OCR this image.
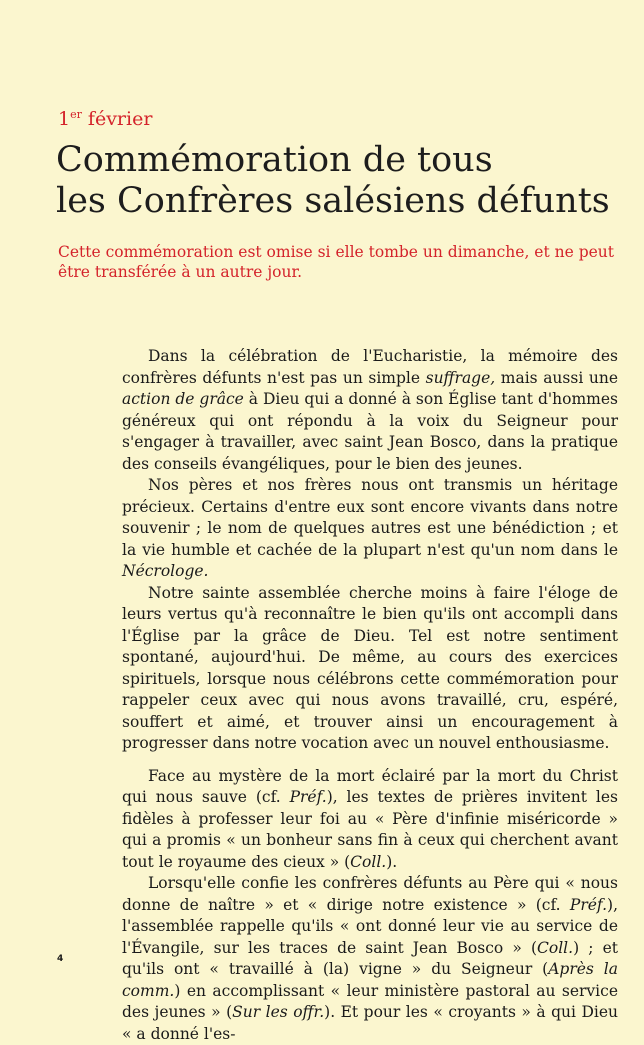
1er février
Commémoration de tous
les Confrères salésiens défunts
Cette commémoration est omise si elle tombe un dimanche, et ne peut être transférée à un autre jour.

Dans la célébration de l'Eucharistie, la mémoire des confrères défunts n'est pas un simple suffrage, mais aussi une action de grâce à Dieu qui a donné à son Église tant d'hommes généreux qui ont répondu à la voix du Seigneur pour s'engager à travailler, avec saint Jean Bosco, dans la pratique des conseils évangéliques, pour le bien des jeunes.

Nos pères et nos frères nous ont transmis un héritage précieux. Certains d'entre eux sont encore vivants dans notre souvenir ; le nom de quelques autres est une bénédiction ; et la vie humble et cachée de la plupart n'est qu'un nom dans le Nécrologe.

Notre sainte assemblée cherche moins à faire l'éloge de leurs vertus qu'à reconnaître le bien qu'ils ont accompli dans l'Église par la grâce de Dieu. Tel est notre sentiment spontané, aujourd'hui. De même, au cours des exercices spirituels, lorsque nous célébrons cette commémoration pour rappeler ceux avec qui nous avons travaillé, cru, espéré, souffert et aimé, et trouver ainsi un encouragement à progresser dans notre vocation avec un nouvel enthousiasme.

Face au mystère de la mort éclairé par la mort du Christ qui nous sauve (cf. Préf.), les textes de prières invitent les fidèles à professer leur foi au « Père d'infinie miséricorde » qui a promis « un bonheur sans fin à ceux qui cherchent avant tout le royaume des cieux » (Coll.).

Lorsqu'elle confie les confrères défunts au Père qui « nous donne de naître » et « dirige notre existence » (cf. Préf.), l'assemblée rappelle qu'ils « ont donné leur vie au service de l'Évangile, sur les traces de saint Jean Bosco » (Coll.) ; et qu'ils ont « travaillé à (la) vigne » du Seigneur (Après la comm.) en accomplissant « leur ministère pastoral au service des jeunes » (Sur les offr.). Et pour les « croyants » à qui Dieu « a donné l'es-

4
